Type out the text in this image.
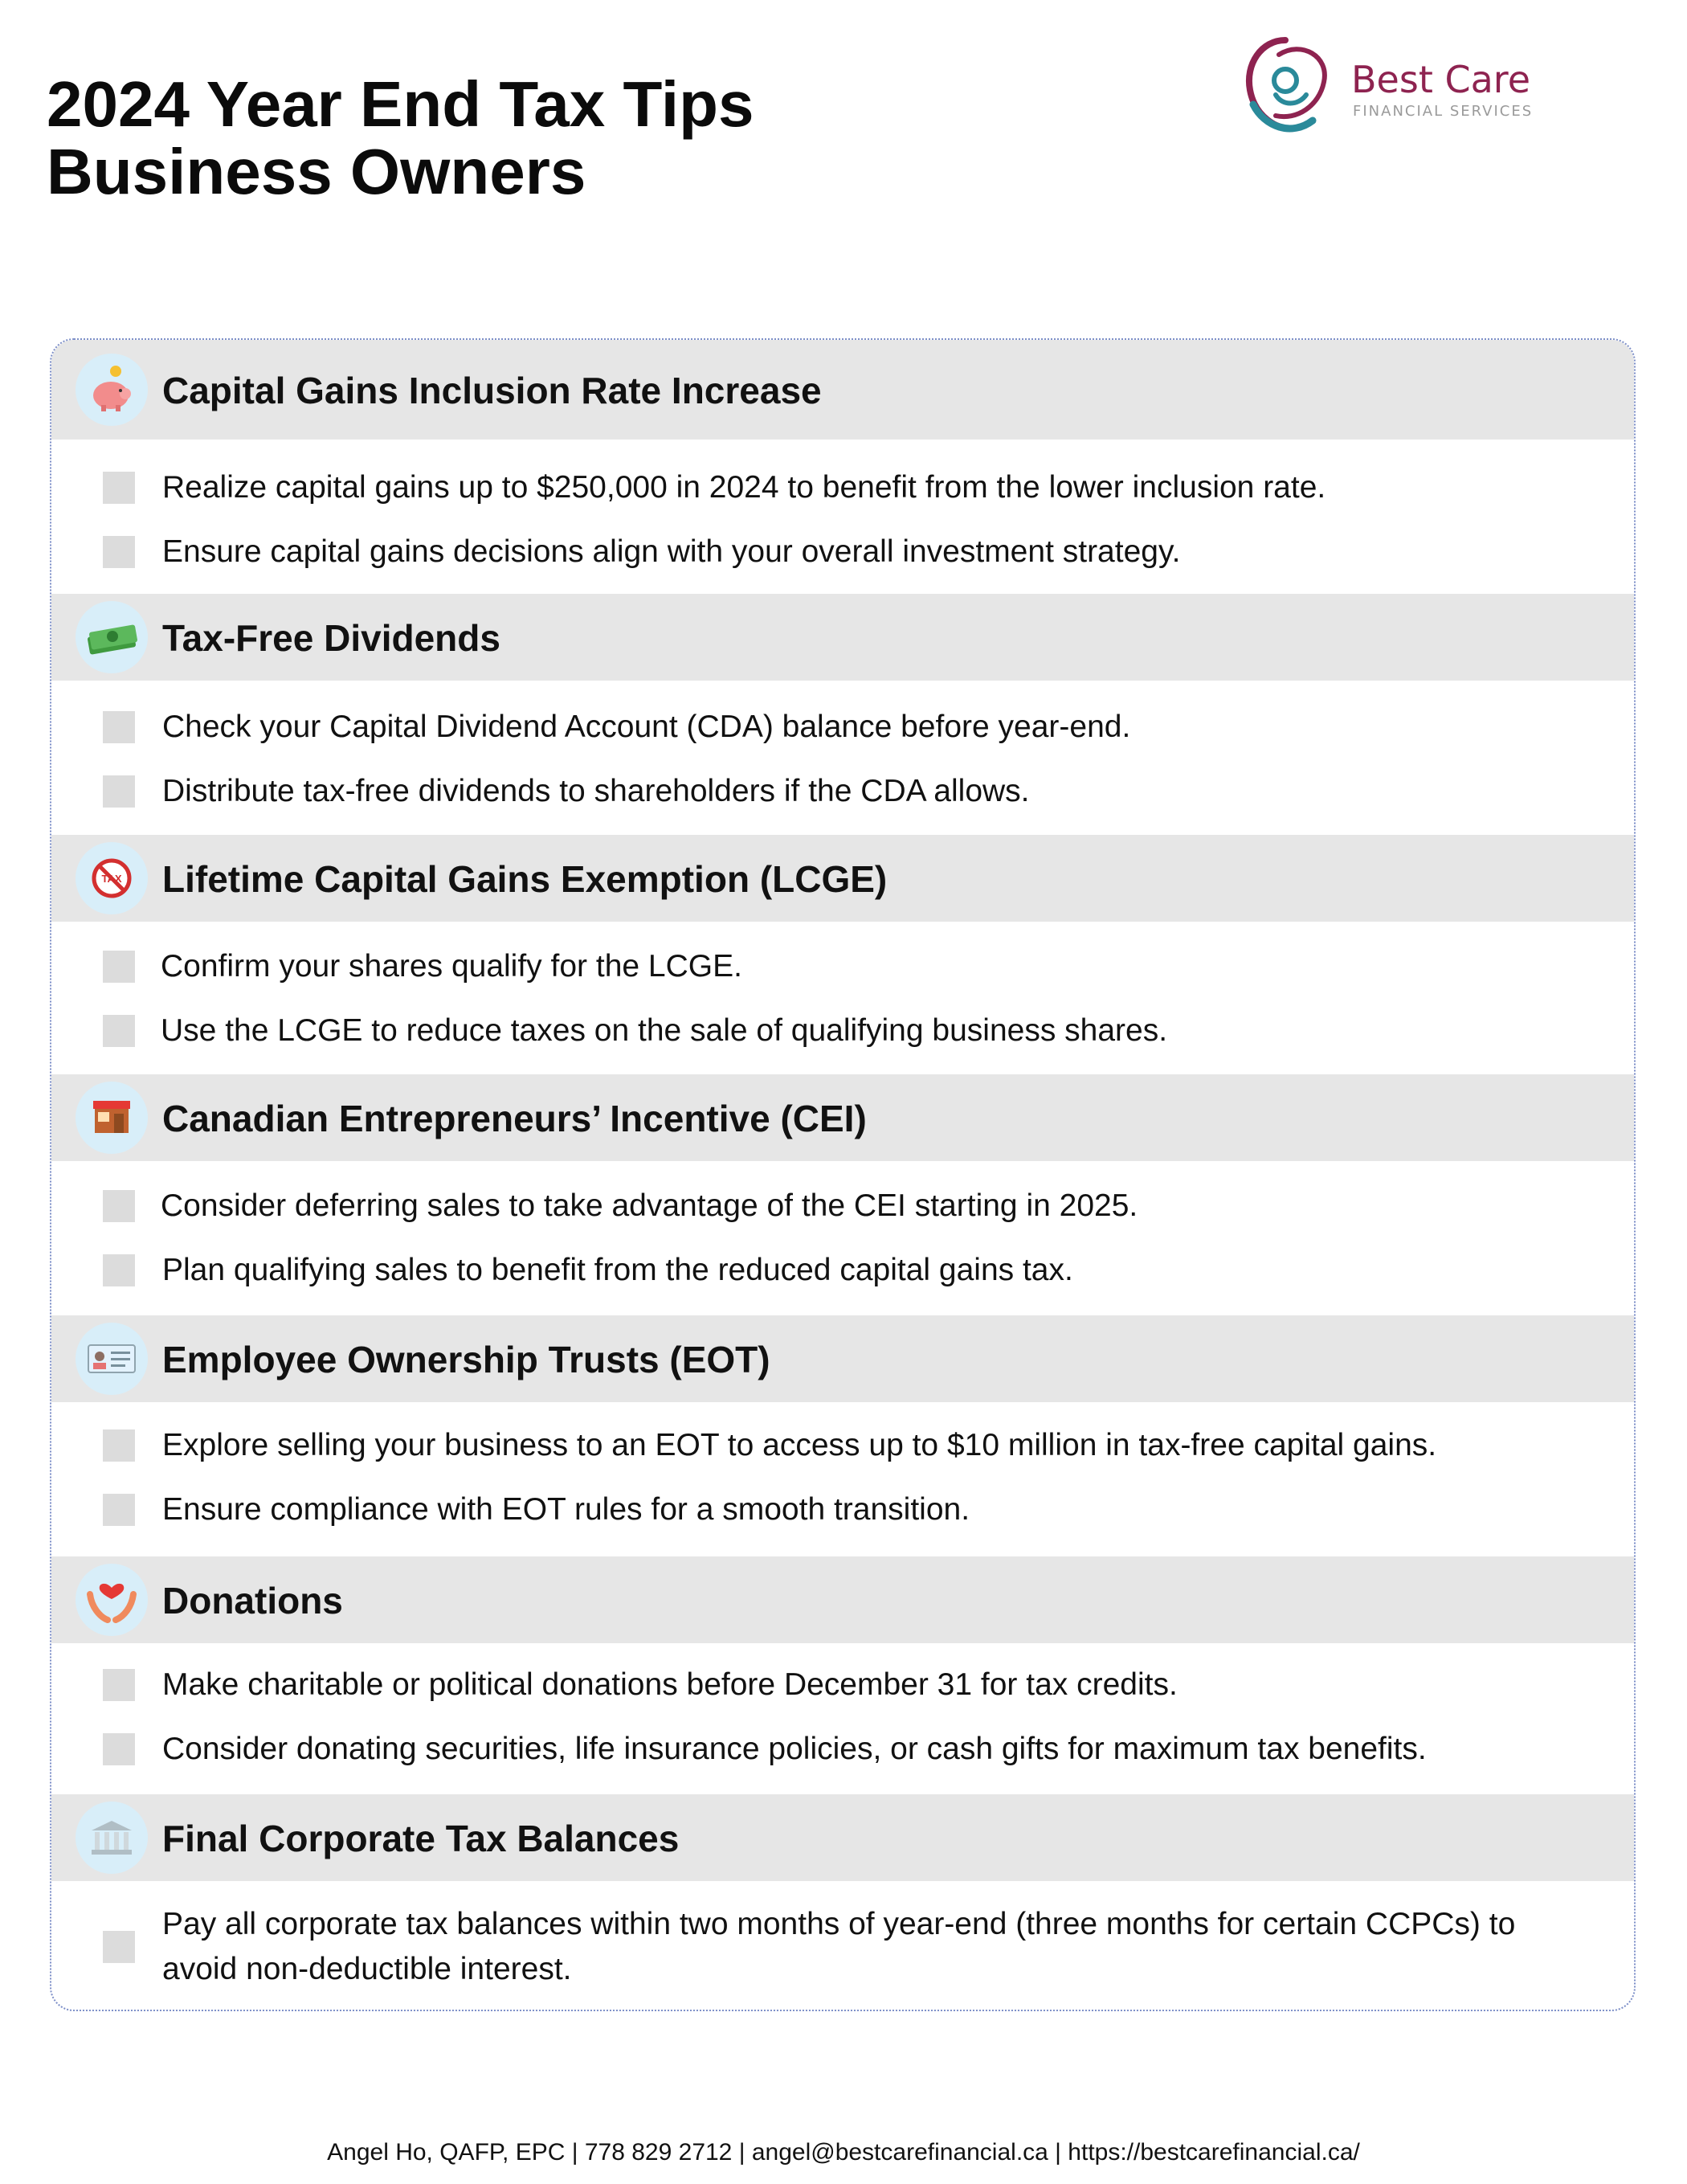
2024 Year End Tax Tips
Business Owners
Best Care
FINANCIAL SERVICES
Capital Gains Inclusion Rate Increase
Realize capital gains up to $250,000 in 2024 to benefit from the lower inclusion rate.
Ensure capital gains decisions align with your overall investment strategy.
Tax-Free Dividends
Check your Capital Dividend Account (CDA) balance before year-end.
Distribute tax-free dividends to shareholders if the CDA allows.
TAX Lifetime Capital Gains Exemption (LCGE)
Confirm your shares qualify for the LCGE.
Use the LCGE to reduce taxes on the sale of qualifying business shares.
Canadian Entrepreneurs’ Incentive (CEI)
Consider deferring sales to take advantage of the CEI starting in 2025.
Plan qualifying sales to benefit from the reduced capital gains tax.
Employee Ownership Trusts (EOT)
Explore selling your business to an EOT to access up to $10 million in tax-free capital gains.
Ensure compliance with EOT rules for a smooth transition.
Donations
Make charitable or political donations before December 31 for tax credits.
Consider donating securities, life insurance policies, or cash gifts for maximum tax benefits.
Final Corporate Tax Balances
Pay all corporate tax balances within two months of year-end (three months for certain CCPCs) to avoid non-deductible interest.
Angel Ho, QAFP, EPC | 778 829 2712 | angel@bestcarefinancial.ca | https://bestcarefinancial.ca/
